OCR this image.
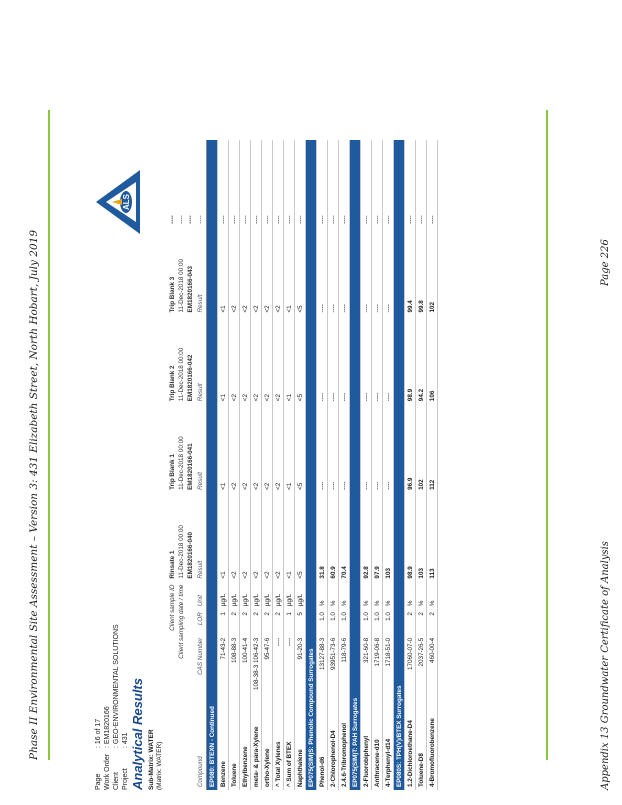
Phase II Environmental Site Assessment – Version 3: 431 Elizabeth Street, North Hobart, July 2019	Appendix 13 Groundwater Certificate of Analysis
Page 226
Page: 16 of 17
Work Order: EM1820166
Client: GEO-ENVIRONMENTAL SOLUTIONS
Project: 431
ALS
Analytical Results Sub-Matrix: WATER (Matrix: WATER)
Client sample ID				Rinsate 1	Trip Blank 1	Trip Blank 2	Trip Blank 3	----
Client sampling date / time				11-Dec-2018 00:00	11-Dec-2018 00:00	11-Dec-2018 00:00	11-Dec-2018 00:00	----
				EM1820166-040	EM1820166-041	EM1820166-042	EM1820166-043	----
Compound	CAS Number	LOR	Unit	Result	Result	Result	Result	----
EP080: BTEXN - Continued								
Benzene	71-43-2	1	µg/L	<1	<1	<1	<1	----
Toluene	108-88-3	2	µg/L	<2	<2	<2	<2	----
Ethylbenzene	100-41-4	2	µg/L	<2	<2	<2	<2	----
meta- & para-Xylene	108-38-3 106-42-3	2	µg/L	<2	<2	<2	<2	----
ortho-Xylene	95-47-6	2	µg/L	<2	<2	<2	<2	----
^ Total Xylenes	----	2	µg/L	<2	<2	<2	<2	----
^ Sum of BTEX	----	1	µg/L	<1	<1	<1	<1	----
Naphthalene	91-20-3	5	µg/L	<5	<5	<5	<5	----
EP075(SIM)S: Phenolic Compound Surrogates								
Phenol-d6	13127-88-3	1.0	%	31.8	----	----	----	----
2-Chlorophenol-D4	93951-73-6	1.0	%	60.9	----	----	----	----
2.4.6-Tribromophenol	118-79-6	1.0	%	70.4	----	----	----	----
EP075(SIM)T: PAH Surrogates								
2-Fluorobiphenyl	321-60-8	1.0	%	92.8	----	----	----	----
Anthracene-d10	1719-06-8	1.0	%	97.9	----	----	----	----
4-Terphenyl-d14	1718-51-0	1.0	%	103	----	----	----	----
EP080S: TPH(V)/BTEX Surrogates								
1.2-Dichloroethane-D4	17060-07-0	2	%	98.9	96.9	98.9	99.4	----
Toluene-D8	2037-26-5	2	%	103	102	94.2	99.8	----
4-Bromofluorobenzene	460-00-4	2	%	113	112	106	102	----
